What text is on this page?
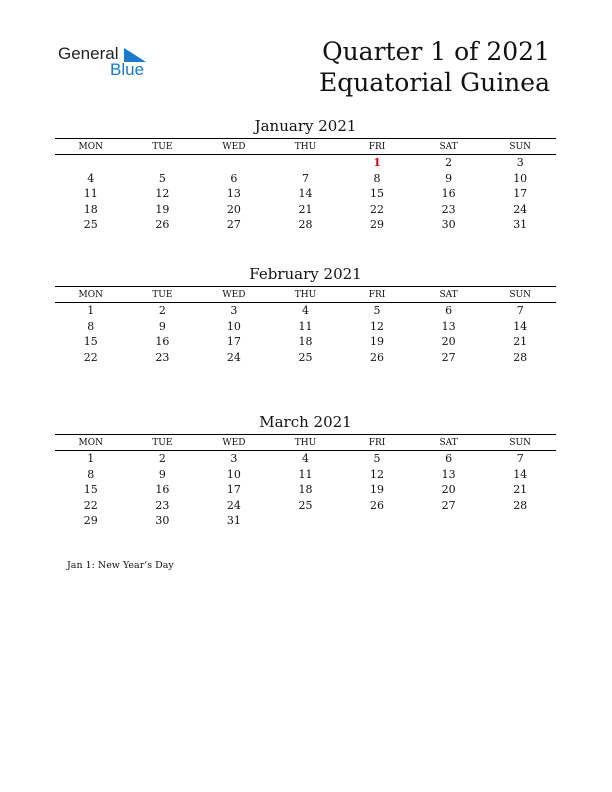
General
Blue
Quarter 1 of 2021
Equatorial Guinea
January 2021
MON	TUE	WED	THU	FRI	SAT	SUN
				1	2	3
4	5	6	7	8	9	10
11	12	13	14	15	16	17
18	19	20	21	22	23	24
25	26	27	28	29	30	31
February 2021
MON	TUE	WED	THU	FRI	SAT	SUN
1	2	3	4	5	6	7
8	9	10	11	12	13	14
15	16	17	18	19	20	21
22	23	24	25	26	27	28
March 2021
MON	TUE	WED	THU	FRI	SAT	SUN
1	2	3	4	5	6	7
8	9	10	11	12	13	14
15	16	17	18	19	20	21
22	23	24	25	26	27	28
29	30	31				
Jan 1: New Year’s Day
